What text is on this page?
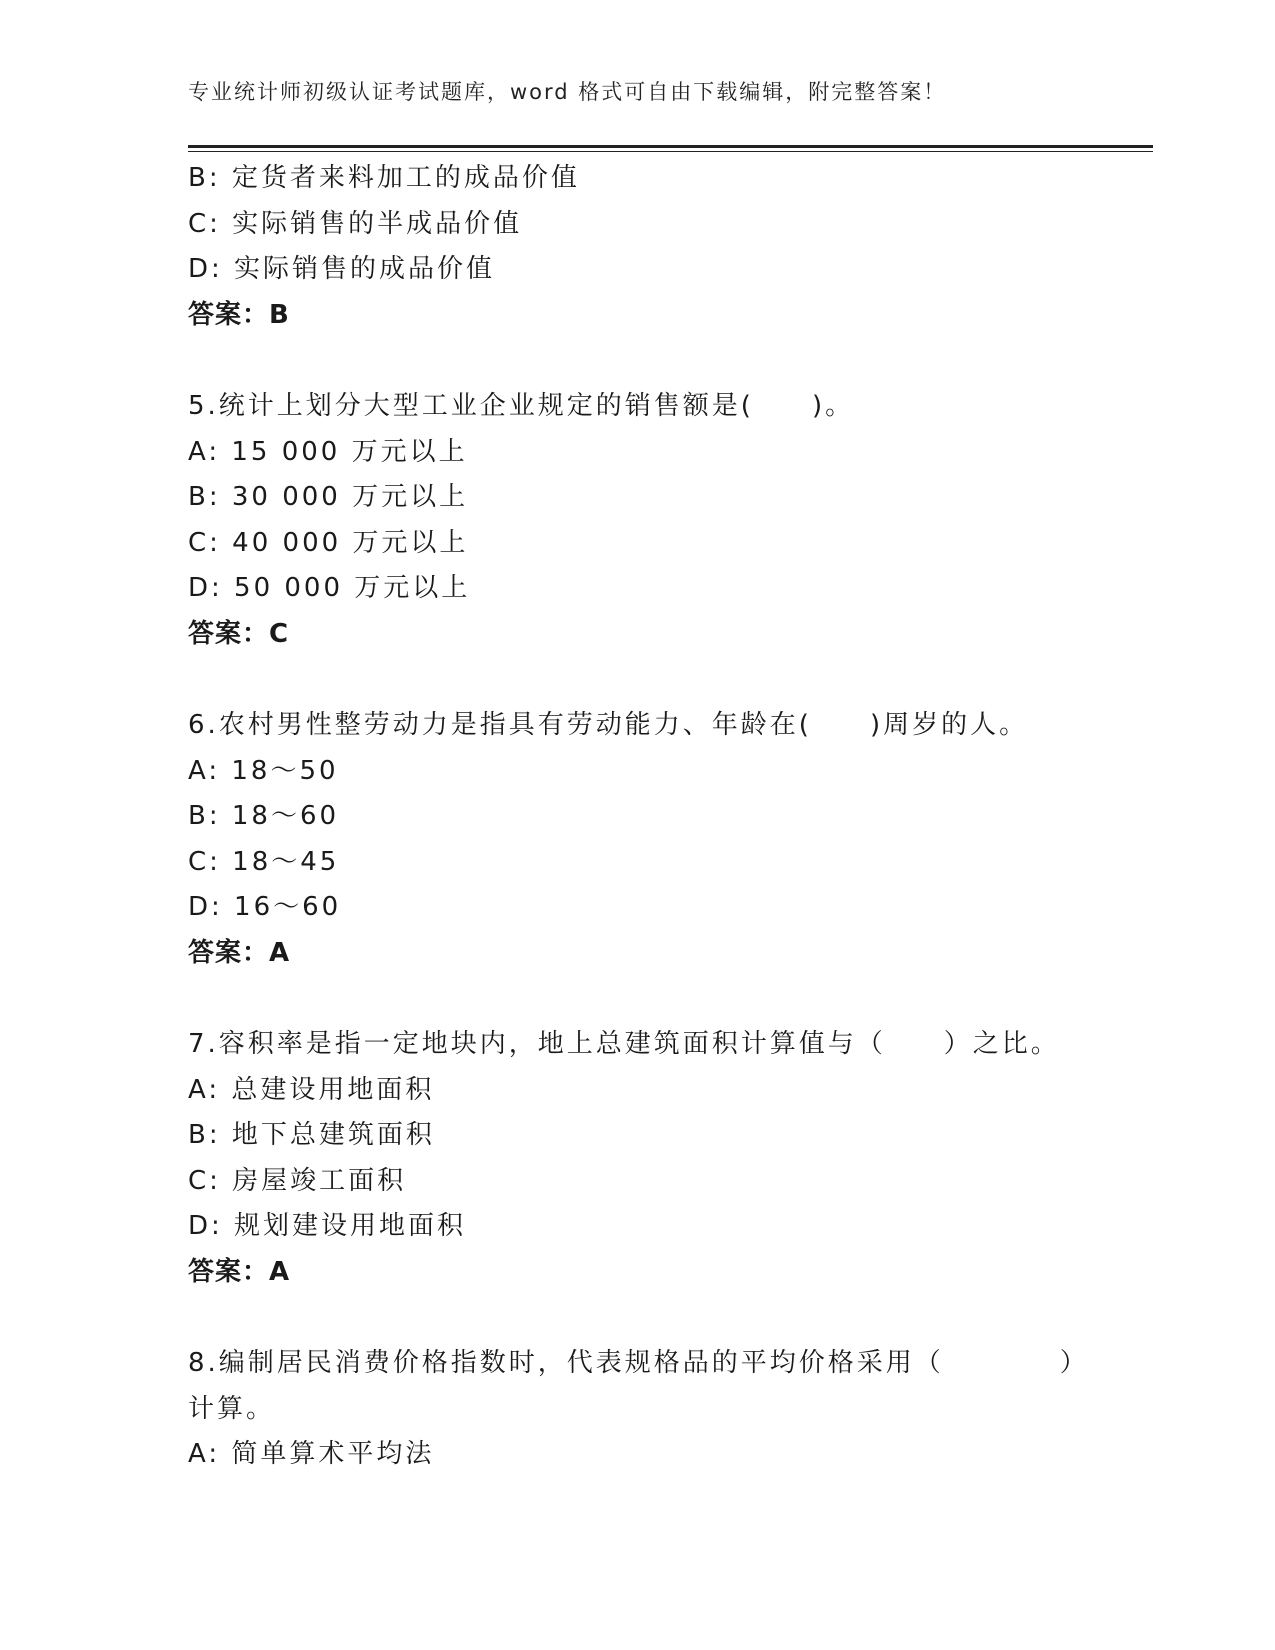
专业统计师初级认证考试题库，word 格式可自由下载编辑，附完整答案！
B: 定货者来料加工的成品价值
C: 实际销售的半成品价值
D: 实际销售的成品价值
答案：B
5.统计上划分大型工业企业规定的销售额是(　　)。
A: 15 000 万元以上
B: 30 000 万元以上
C: 40 000 万元以上
D: 50 000 万元以上
答案：C
6.农村男性整劳动力是指具有劳动能力、年龄在(　　)周岁的人。
A: 18～50
B: 18～60
C: 18～45
D: 16～60
答案：A
7.容积率是指一定地块内，地上总建筑面积计算值与（　　）之比。
A: 总建设用地面积
B: 地下总建筑面积
C: 房屋竣工面积
D: 规划建设用地面积
答案：A
8.编制居民消费价格指数时，代表规格品的平均价格采用（　　　　）
计算。
A: 简单算术平均法
